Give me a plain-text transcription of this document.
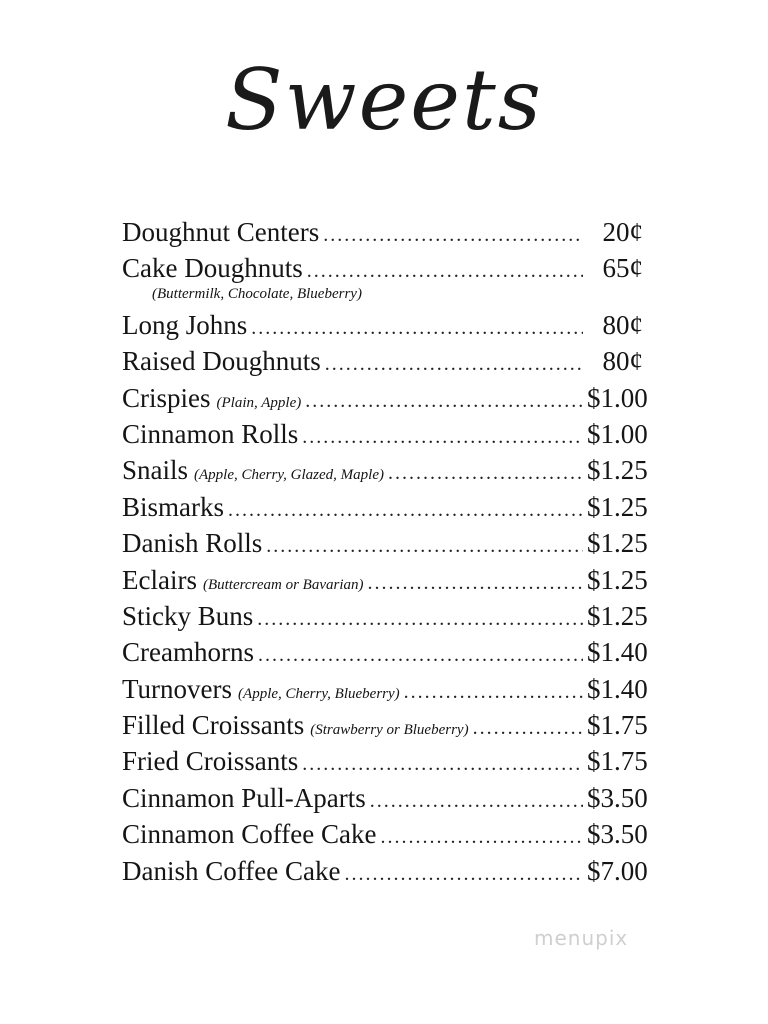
Sweets
Doughnut Centers .....	20¢
Cake Doughnuts .....	65¢
(Buttermilk, Chocolate, Blueberry)
Long Johns .....	80¢
Raised Doughnuts .....	80¢
Crispies (Plain, Apple) .....	$1.00
Cinnamon Rolls .....	$1.00
Snails (Apple, Cherry, Glazed, Maple) .....	$1.25
Bismarks .....	$1.25
Danish Rolls .....	$1.25
Eclairs (Buttercream or Bavarian) .....	$1.25
Sticky Buns .....	$1.25
Creamhorns .....	$1.40
Turnovers (Apple, Cherry, Blueberry) .....	$1.40
Filled Croissants (Strawberry or Blueberry) .....	$1.75
Fried Croissants .....	$1.75
Cinnamon Pull-Aparts .....	$3.50
Cinnamon Coffee Cake .....	$3.50
Danish Coffee Cake .....	$7.00
menupix
